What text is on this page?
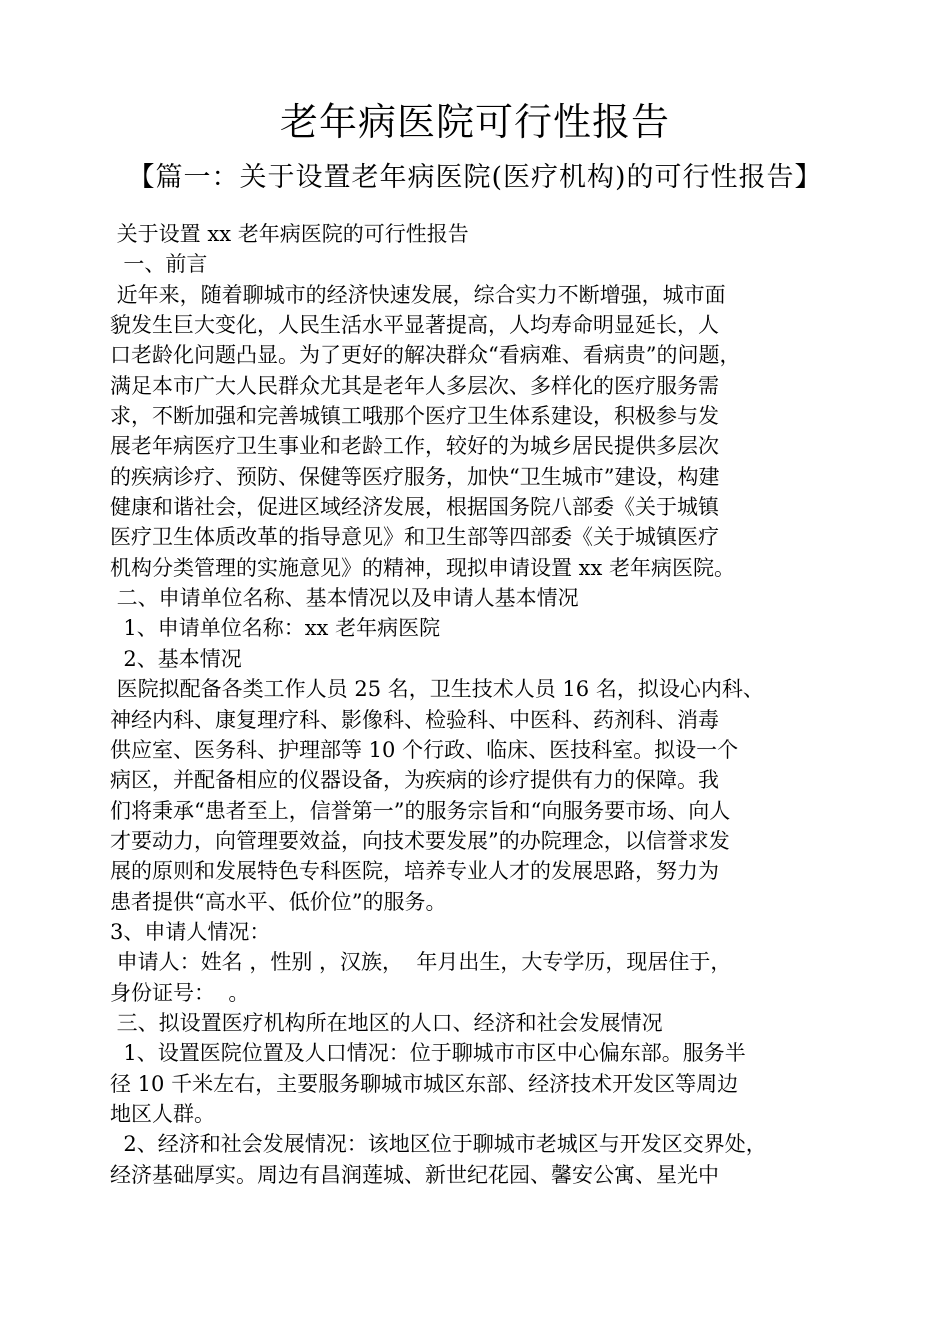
老年病医院可行性报告
【篇一：关于设置老年病医院(医疗机构)的可行性报告】
关于设置 xx 老年病医院的可行性报告
一、前言
近年来，随着聊城市的经济快速发展，综合实力不断增强，城市面
貌发生巨大变化，人民生活水平显著提高，人均寿命明显延长，人
口老龄化问题凸显。为了更好的解决群众“看病难、看病贵”的问题，
满足本市广大人民群众尤其是老年人多层次、多样化的医疗服务需
求，不断加强和完善城镇工哦那个医疗卫生体系建设，积极参与发
展老年病医疗卫生事业和老龄工作，较好的为城乡居民提供多层次
的疾病诊疗、预防、保健等医疗服务，加快“卫生城市”建设，构建
健康和谐社会，促进区域经济发展，根据国务院八部委《关于城镇
医疗卫生体质改革的指导意见》和卫生部等四部委《关于城镇医疗
机构分类管理的实施意见》的精神，现拟申请设置 xx 老年病医院。
二、申请单位名称、基本情况以及申请人基本情况
1、申请单位名称：xx 老年病医院
2、基本情况
医院拟配备各类工作人员 25 名，卫生技术人员 16 名，拟设心内科、
神经内科、康复理疗科、影像科、检验科、中医科、药剂科、消毒
供应室、医务科、护理部等 10 个行政、临床、医技科室。拟设一个
病区，并配备相应的仪器设备，为疾病的诊疗提供有力的保障。我
们将秉承“患者至上，信誉第一”的服务宗旨和“向服务要市场、向人
才要动力，向管理要效益，向技术要发展”的办院理念，以信誉求发
展的原则和发展特色专科医院，培养专业人才的发展思路，努力为
患者提供“高水平、低价位”的服务。
3、申请人情况：
申请人：姓名 ，性别 ，汉族，  年月出生，大专学历，现居住于，
身份证号：  。
三、拟设置医疗机构所在地区的人口、经济和社会发展情况
1、设置医院位置及人口情况：位于聊城市市区中心偏东部。服务半
径 10 千米左右，主要服务聊城市城区东部、经济技术开发区等周边
地区人群。
2、经济和社会发展情况：该地区位于聊城市老城区与开发区交界处，
经济基础厚实。周边有昌润莲城、新世纪花园、馨安公寓、星光中
